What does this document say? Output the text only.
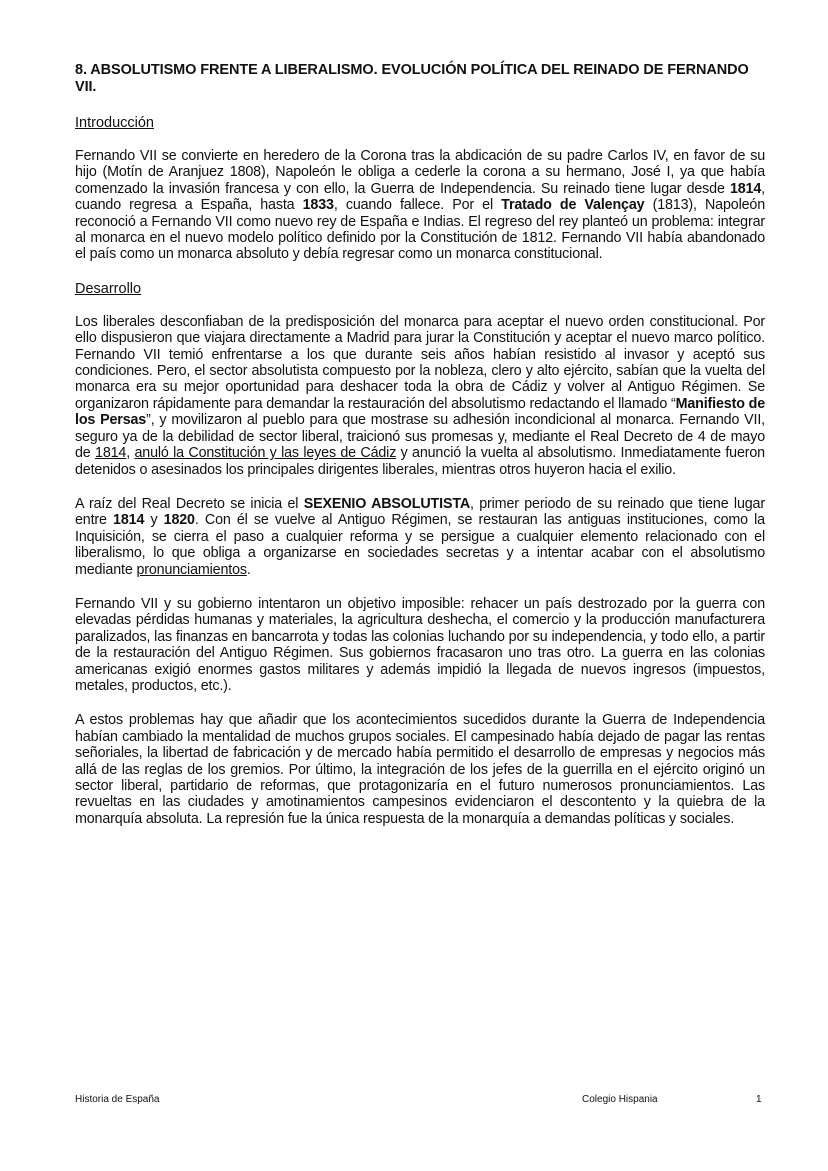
8. ABSOLUTISMO FRENTE A LIBERALISMO. EVOLUCIÓN POLÍTICA DEL REINADO DE FERNANDO VII.
Introducción

Fernando VII se convierte en heredero de la Corona tras la abdicación de su padre Carlos IV, en favor de su hijo (Motín de Aranjuez 1808), Napoleón le obliga a cederle la corona a su hermano, José I, ya que había comenzado la invasión francesa y con ello, la Guerra de Independencia. Su reinado tiene lugar desde 1814, cuando regresa a España, hasta 1833, cuando fallece. Por el Tratado de Valençay (1813), Napoleón reconoció a Fernando VII como nuevo rey de España e Indias. El regreso del rey planteó un problema: integrar al monarca en el nuevo modelo político definido por la Constitución de 1812. Fernando VII había abandonado el país como un monarca absoluto y debía regresar como un monarca constitucional.

Desarrollo

Los liberales desconfiaban de la predisposición del monarca para aceptar el nuevo orden constitucional. Por ello dispusieron que viajara directamente a Madrid para jurar la Constitución y aceptar el nuevo marco político. Fernando VII temió enfrentarse a los que durante seis años habían resistido al invasor y aceptó sus condiciones. Pero, el sector absolutista compuesto por la nobleza, clero y alto ejército, sabían que la vuelta del monarca era su mejor oportunidad para deshacer toda la obra de Cádiz y volver al Antiguo Régimen. Se organizaron rápidamente para demandar la restauración del absolutismo redactando el llamado “Manifiesto de los Persas”, y movilizaron al pueblo para que mostrase su adhesión incondicional al monarca. Fernando VII, seguro ya de la debilidad de sector liberal, traicionó sus promesas y, mediante el Real Decreto de 4 de mayo de 1814, anuló la Constitución y las leyes de Cádiz y anunció la vuelta al absolutismo. Inmediatamente fueron detenidos o asesinados los principales dirigentes liberales, mientras otros huyeron hacia el exilio.

A raíz del Real Decreto se inicia el SEXENIO ABSOLUTISTA, primer periodo de su reinado que tiene lugar entre 1814 y 1820. Con él se vuelve al Antiguo Régimen, se restauran las antiguas instituciones, como la Inquisición, se cierra el paso a cualquier reforma y se persigue a cualquier elemento relacionado con el liberalismo, lo que obliga a organizarse en sociedades secretas y a intentar acabar con el absolutismo mediante pronunciamientos.

Fernando VII y su gobierno intentaron un objetivo imposible: rehacer un país destrozado por la guerra con elevadas pérdidas humanas y materiales, la agricultura deshecha, el comercio y la producción manufacturera paralizados, las finanzas en bancarrota y todas las colonias luchando por su independencia, y todo ello, a partir de la restauración del Antiguo Régimen. Sus gobiernos fracasaron uno tras otro. La guerra en las colonias americanas exigió enormes gastos militares y además impidió la llegada de nuevos ingresos (impuestos, metales, productos, etc.).

A estos problemas hay que añadir que los acontecimientos sucedidos durante la Guerra de Independencia habían cambiado la mentalidad de muchos grupos sociales. El campesinado había dejado de pagar las rentas señoriales, la libertad de fabricación y de mercado había permitido el desarrollo de empresas y negocios más allá de las reglas de los gremios. Por último, la integración de los jefes de la guerrilla en el ejército originó un sector liberal, partidario de reformas, que protagonizaría en el futuro numerosos pronunciamientos. Las revueltas en las ciudades y amotinamientos campesinos evidenciaron el descontento y la quiebra de la monarquía absoluta. La represión fue la única respuesta de la monarquía a demandas políticas y sociales.

Historia de España	Colegio Hispania	1
